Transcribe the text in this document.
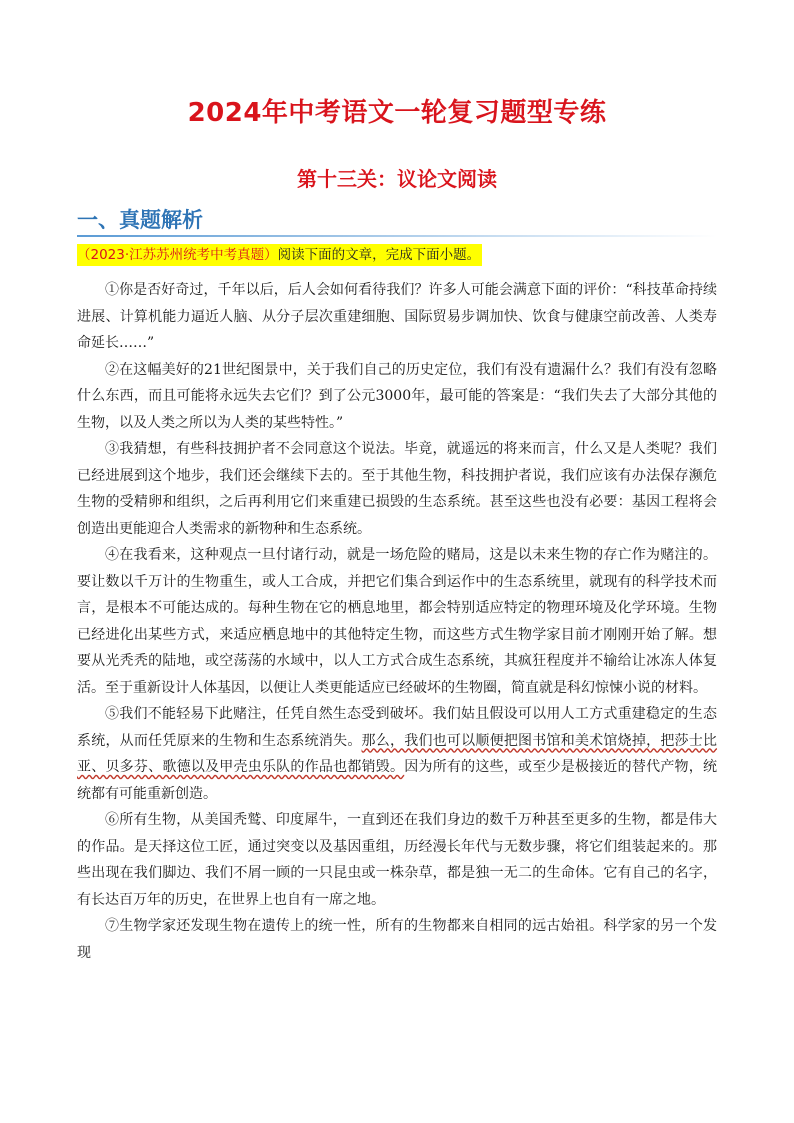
2024年中考语文一轮复习题型专练
第十三关：议论文阅读
一、真题解析
（2023·江苏苏州统考中考真题）阅读下面的文章，完成下面小题。

①你是否好奇过，千年以后，后人会如何看待我们？许多人可能会满意下面的评价：“科技革命持续进展、计算机能力逼近人脑、从分子层次重建细胞、国际贸易步调加快、饮食与健康空前改善、人类寿命延长……”

②在这幅美好的21世纪图景中，关于我们自己的历史定位，我们有没有遗漏什么？我们有没有忽略什么东西，而且可能将永远失去它们？到了公元3000年，最可能的答案是：“我们失去了大部分其他的生物，以及人类之所以为人类的某些特性。”

③我猜想，有些科技拥护者不会同意这个说法。毕竟，就遥远的将来而言，什么又是人类呢？我们已经进展到这个地步，我们还会继续下去的。至于其他生物，科技拥护者说，我们应该有办法保存濒危生物的受精卵和组织，之后再利用它们来重建已损毁的生态系统。甚至这些也没有必要：基因工程将会创造出更能迎合人类需求的新物种和生态系统。

④在我看来，这种观点一旦付诸行动，就是一场危险的赌局，这是以未来生物的存亡作为赌注的。要让数以千万计的生物重生，或人工合成，并把它们集合到运作中的生态系统里，就现有的科学技术而言，是根本不可能达成的。每种生物在它的栖息地里，都会特别适应特定的物理环境及化学环境。生物已经进化出某些方式，来适应栖息地中的其他特定生物，而这些方式生物学家目前才刚刚开始了解。想要从光秃秃的陆地，或空荡荡的水域中，以人工方式合成生态系统，其疯狂程度并不输给让冰冻人体复活。至于重新设计人体基因，以便让人类更能适应已经破坏的生物圈，简直就是科幻惊悚小说的材料。

⑤我们不能轻易下此赌注，任凭自然生态受到破坏。我们姑且假设可以用人工方式重建稳定的生态系统，从而任凭原来的生物和生态系统消失。那么，我们也可以顺便把图书馆和美术馆烧掉，把莎士比亚、贝多芬、歌德以及甲壳虫乐队的作品也都销毁。因为所有的这些，或至少是极接近的替代产物，统统都有可能重新创造。

⑥所有生物，从美国秃鹫、印度犀牛，一直到还在我们身边的数千万种甚至更多的生物，都是伟大的作品。是天择这位工匠，通过突变以及基因重组，历经漫长年代与无数步骤，将它们组装起来的。那些出现在我们脚边、我们不屑一顾的一只昆虫或一株杂草，都是独一无二的生命体。它有自己的名字，有长达百万年的历史，在世界上也自有一席之地。

⑦生物学家还发现生物在遗传上的统一性，所有的生物都来自相同的远古始祖。科学家的另一个发现
